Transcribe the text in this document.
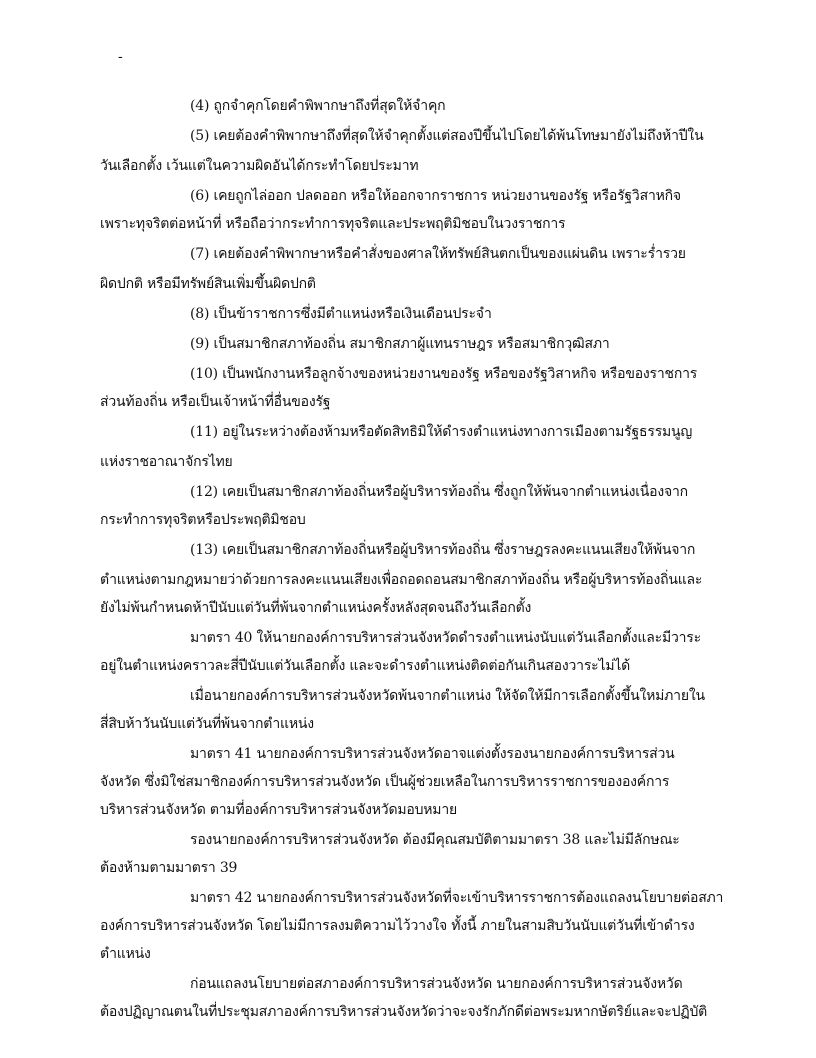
-
(4) ถูกจำคุกโดยคำพิพากษาถึงที่สุดให้จำคุก
(5) เคยต้องคำพิพากษาถึงที่สุดให้จำคุกตั้งแต่สองปีขึ้นไปโดยได้พ้นโทษมายังไม่ถึงห้าปีใน
วันเลือกตั้ง เว้นแต่ในความผิดอันได้กระทำโดยประมาท
(6) เคยถูกไล่ออก ปลดออก หรือให้ออกจากราชการ หน่วยงานของรัฐ หรือรัฐวิสาหกิจ
เพราะทุจริตต่อหน้าที่ หรือถือว่ากระทำการทุจริตและประพฤติมิชอบในวงราชการ
(7) เคยต้องคำพิพากษาหรือคำสั่งของศาลให้ทรัพย์สินตกเป็นของแผ่นดิน เพราะร่ำรวย
ผิดปกติ หรือมีทรัพย์สินเพิ่มขึ้นผิดปกติ
(8) เป็นข้าราชการซึ่งมีตำแหน่งหรือเงินเดือนประจำ
(9) เป็นสมาชิกสภาท้องถิ่น สมาชิกสภาผู้แทนราษฎร หรือสมาชิกวุฒิสภา
(10) เป็นพนักงานหรือลูกจ้างของหน่วยงานของรัฐ หรือของรัฐวิสาหกิจ หรือของราชการ
ส่วนท้องถิ่น หรือเป็นเจ้าหน้าที่อื่นของรัฐ
(11) อยู่ในระหว่างต้องห้ามหรือตัดสิทธิมิให้ดำรงตำแหน่งทางการเมืองตามรัฐธรรมนูญ
แห่งราชอาณาจักรไทย
(12) เคยเป็นสมาชิกสภาท้องถิ่นหรือผู้บริหารท้องถิ่น ซึ่งถูกให้พ้นจากตำแหน่งเนื่องจาก
กระทำการทุจริตหรือประพฤติมิชอบ
(13) เคยเป็นสมาชิกสภาท้องถิ่นหรือผู้บริหารท้องถิ่น ซึ่งราษฎรลงคะแนนเสียงให้พ้นจาก
ตำแหน่งตามกฎหมายว่าด้วยการลงคะแนนเสียงเพื่อถอดถอนสมาชิกสภาท้องถิ่น หรือผู้บริหารท้องถิ่นและ
ยังไม่พ้นกำหนดห้าปีนับแต่วันที่พ้นจากตำแหน่งครั้งหลังสุดจนถึงวันเลือกตั้ง
มาตรา 40 ให้นายกองค์การบริหารส่วนจังหวัดดำรงตำแหน่งนับแต่วันเลือกตั้งและมีวาระ
อยู่ในตำแหน่งคราวละสี่ปีนับแต่วันเลือกตั้ง และจะดำรงตำแหน่งติดต่อกันเกินสองวาระไม่ได้
เมื่อนายกองค์การบริหารส่วนจังหวัดพ้นจากตำแหน่ง ให้จัดให้มีการเลือกตั้งขึ้นใหม่ภายใน
สี่สิบห้าวันนับแต่วันที่พ้นจากตำแหน่ง
มาตรา 41 นายกองค์การบริหารส่วนจังหวัดอาจแต่งตั้งรองนายกองค์การบริหารส่วน
จังหวัด ซึ่งมิใช่สมาชิกองค์การบริหารส่วนจังหวัด เป็นผู้ช่วยเหลือในการบริหารราชการขององค์การ
บริหารส่วนจังหวัด ตามที่องค์การบริหารส่วนจังหวัดมอบหมาย
รองนายกองค์การบริหารส่วนจังหวัด ต้องมีคุณสมบัติตามมาตรา 38 และไม่มีลักษณะ
ต้องห้ามตามมาตรา 39
มาตรา 42 นายกองค์การบริหารส่วนจังหวัดที่จะเข้าบริหารราชการต้องแถลงนโยบายต่อสภา
องค์การบริหารส่วนจังหวัด โดยไม่มีการลงมติความไว้วางใจ ทั้งนี้ ภายในสามสิบวันนับแต่วันที่เข้าดำรง
ตำแหน่ง
ก่อนแถลงนโยบายต่อสภาองค์การบริหารส่วนจังหวัด นายกองค์การบริหารส่วนจังหวัด
ต้องปฏิญาณตนในที่ประชุมสภาองค์การบริหารส่วนจังหวัดว่าจะจงรักภักดีต่อพระมหากษัตริย์และจะปฏิบัติ
